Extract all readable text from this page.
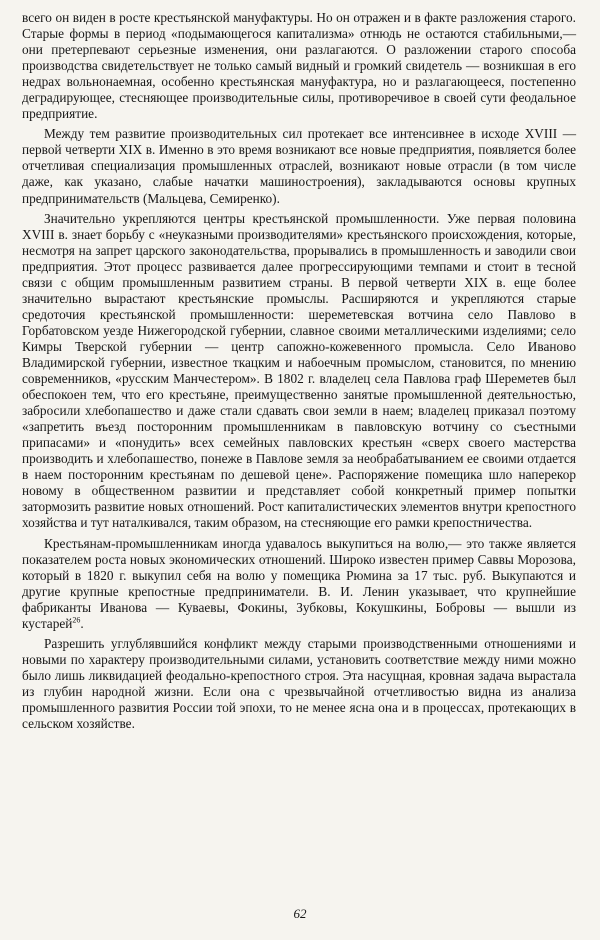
всего он виден в росте крестьянской мануфактуры. Но он отражен и в факте разложения старого. Старые формы в период «подымающегося капитализма» отнюдь не остаются стабильными,— они претерпевают серьезные изменения, они разлагаются. О разложении старого способа производства свидетельствует не только самый видный и громкий свидетель — возникшая в его недрах вольнонаемная, особенно крестьянская мануфактура, но и разлагающееся, постепенно деградирующее, стесняющее производительные силы, противоречивое в своей сути феодальное предприятие.

Между тем развитие производительных сил протекает все интенсивнее в исходе XVIII — первой четверти XIX в. Именно в это время возникают все новые предприятия, появляется более отчетливая специализация промышленных отраслей, возникают новые отрасли (в том числе даже, как указано, слабые начатки машиностроения), закладываются основы крупных предпринимательств (Мальцева, Семиренко).

Значительно укрепляются центры крестьянской промышленности. Уже первая половина XVIII в. знает борьбу с «неуказными производителями» крестьянского происхождения, которые, несмотря на запрет царского законодательства, прорывались в промышленность и заводили свои предприятия. Этот процесс развивается далее прогрессирующими темпами и стоит в тесной связи с общим промышленным развитием страны. В первой четверти XIX в. еще более значительно вырастают крестьянские промыслы. Расширяются и укрепляются старые средоточия крестьянской промышленности: шереметевская вотчина село Павлово в Горбатовском уезде Нижегородской губернии, славное своими металлическими изделиями; село Кимры Тверской губернии — центр сапожно-кожевенного промысла. Село Иваново Владимирской губернии, известное ткацким и набоечным промыслом, становится, по мнению современников, «русским Манчестером». В 1802 г. владелец села Павлова граф Шереметев был обеспокоен тем, что его крестьяне, преимущественно занятые промышленной деятельностью, забросили хлебопашество и даже стали сдавать свои земли в наем; владелец приказал поэтому «запретить въезд посторонним промышленникам в павловскую вотчину со съестными припасами» и «понудить» всех семейных павловских крестьян «сверх своего мастерства производить и хлебопашество, понеже в Павлове земля за необрабатыванием ее своими отдается в наем посторонним крестьянам по дешевой цене». Распоряжение помещика шло наперекор новому в общественном развитии и представляет собой конкретный пример попытки затормозить развитие новых отношений. Рост капиталистических элементов внутри крепостного хозяйства и тут наталкивался, таким образом, на стесняющие его рамки крепостничества.

Крестьянам-промышленникам иногда удавалось выкупиться на волю,— это также является показателем роста новых экономических отношений. Широко известен пример Саввы Морозова, который в 1820 г. выкупил себя на волю у помещика Рюмина за 17 тыс. руб. Выкупаются и другие крупные крепостные предприниматели. В. И. Ленин указывает, что крупнейшие фабриканты Иванова — Куваевы, Фокины, Зубковы, Кокушкины, Бобровы — вышли из кустарей$^{26}$.

Разрешить углублявшийся конфликт между старыми производственными отношениями и новыми по характеру производительными силами, установить соответствие между ними можно было лишь ликвидацией феодально-крепостного строя. Эта насущная, кровная задача вырастала из глубин народной жизни. Если она с чрезвычайной отчетливостью видна из анализа промышленного развития России той эпохи, то не менее ясна она и в процессах, протекающих в сельском хозяйстве.

62
